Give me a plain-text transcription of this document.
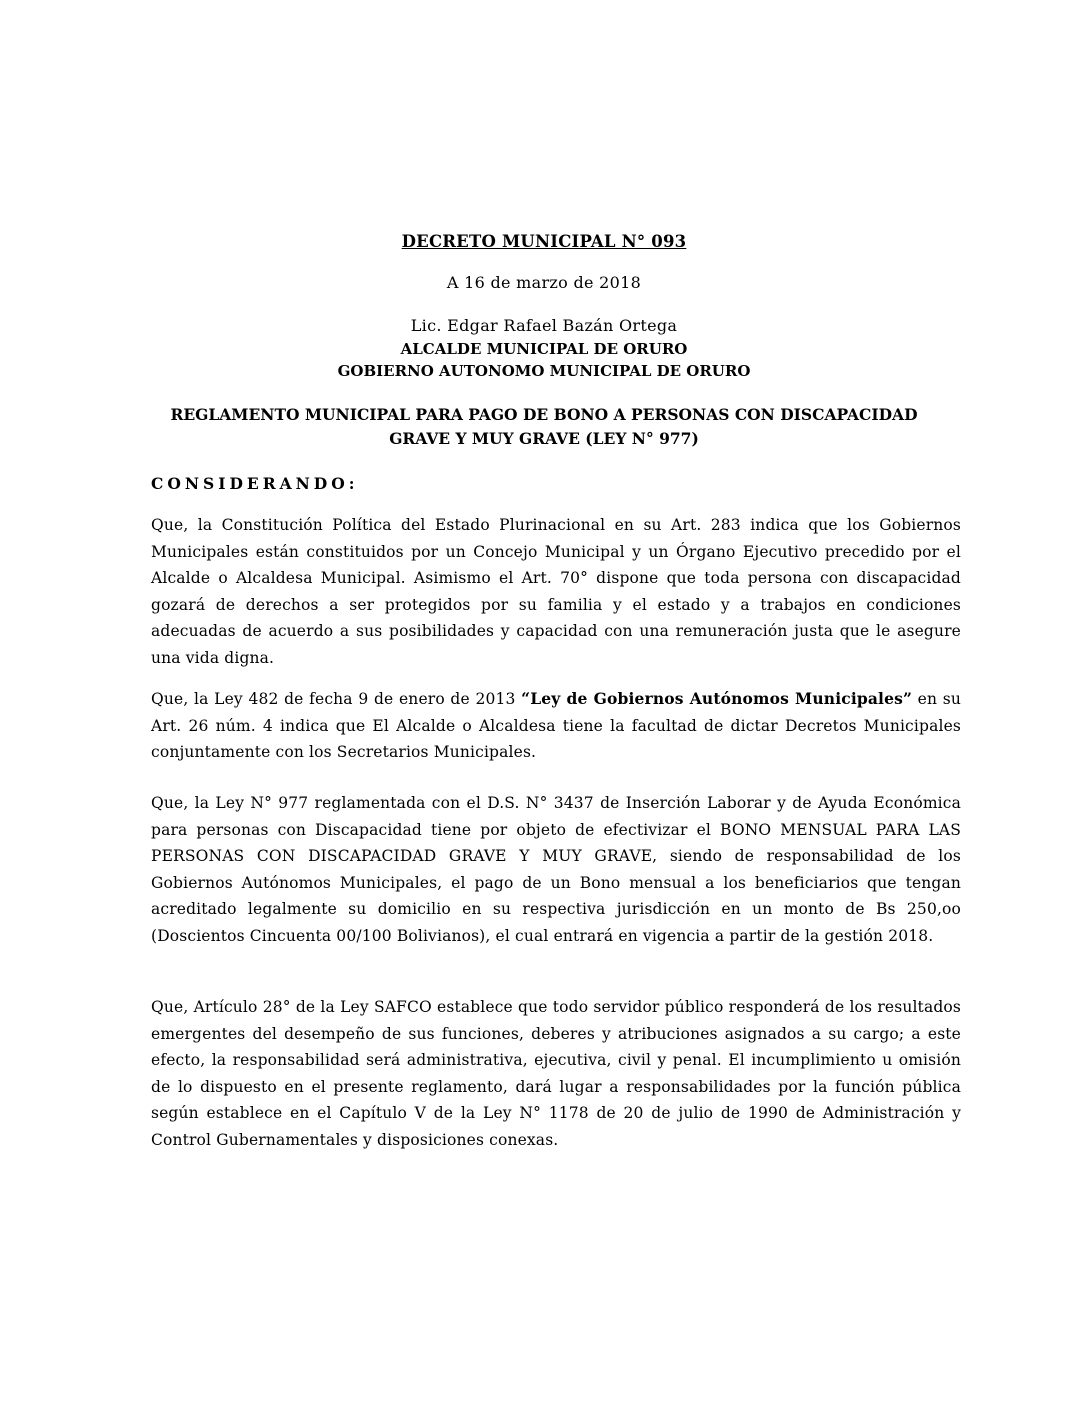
DECRETO MUNICIPAL N° 093
A 16 de marzo de 2018
Lic. Edgar Rafael Bazán Ortega
ALCALDE MUNICIPAL DE ORURO
GOBIERNO AUTONOMO MUNICIPAL DE ORURO
REGLAMENTO MUNICIPAL PARA PAGO DE BONO A PERSONAS CON DISCAPACIDAD
GRAVE Y MUY GRAVE (LEY N° 977)
CONSIDERANDO:
Que, la Constitución Política del Estado Plurinacional en su Art. 283 indica que los Gobiernos Municipales están constituidos por un Concejo Municipal y un Órgano Ejecutivo precedido por el Alcalde o Alcaldesa Municipal. Asimismo el Art. 70° dispone que toda persona con discapacidad gozará de derechos a ser protegidos por su familia y el estado y a trabajos en condiciones adecuadas de acuerdo a sus posibilidades y capacidad con una remuneración justa que le asegure una vida digna.
Que, la Ley 482 de fecha 9 de enero de 2013 “Ley de Gobiernos Autónomos Municipales” en su Art. 26 núm. 4 indica que El Alcalde o Alcaldesa tiene la facultad de dictar Decretos Municipales conjuntamente con los Secretarios Municipales.
Que, la Ley N° 977 reglamentada con el D.S. N° 3437 de Inserción Laborar y de Ayuda Económica para personas con Discapacidad tiene por objeto de efectivizar el BONO MENSUAL PARA LAS PERSONAS CON DISCAPACIDAD GRAVE Y MUY GRAVE, siendo de responsabilidad de los Gobiernos Autónomos Municipales, el pago de un Bono mensual a los beneficiarios que tengan acreditado legalmente su domicilio en su respectiva jurisdicción en un monto de Bs 250,oo (Doscientos Cincuenta 00/100 Bolivianos), el cual entrará en vigencia a partir de la gestión 2018.
Que, Artículo 28° de la Ley SAFCO establece que todo servidor público responderá de los resultados emergentes del desempeño de sus funciones, deberes y atribuciones asignados a su cargo; a este efecto, la responsabilidad será administrativa, ejecutiva, civil y penal. El incumplimiento u omisión de lo dispuesto en el presente reglamento, dará lugar a responsabilidades por la función pública según establece en el Capítulo V de la Ley N° 1178 de 20 de julio de 1990 de Administración y Control Gubernamentales y disposiciones conexas.
